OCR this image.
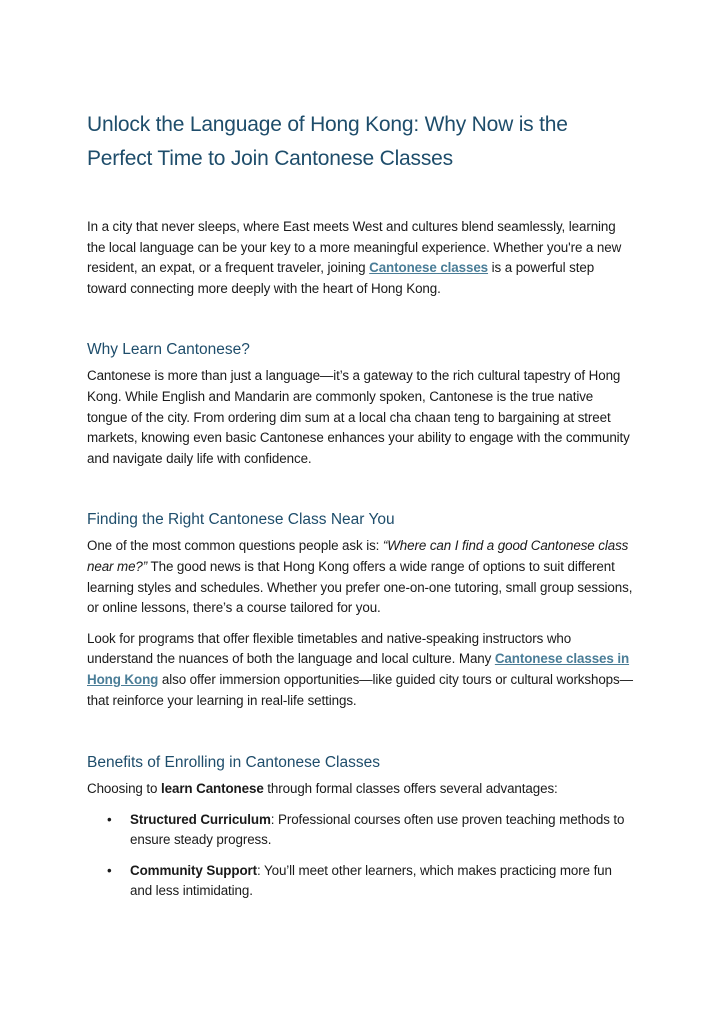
Unlock the Language of Hong Kong: Why Now is the Perfect Time to Join Cantonese Classes

In a city that never sleeps, where East meets West and cultures blend seamlessly, learning the local language can be your key to a more meaningful experience. Whether you're a new resident, an expat, or a frequent traveler, joining Cantonese classes is a powerful step toward connecting more deeply with the heart of Hong Kong.

Why Learn Cantonese?

Cantonese is more than just a language—it’s a gateway to the rich cultural tapestry of Hong Kong. While English and Mandarin are commonly spoken, Cantonese is the true native tongue of the city. From ordering dim sum at a local cha chaan teng to bargaining at street markets, knowing even basic Cantonese enhances your ability to engage with the community and navigate daily life with confidence.

Finding the Right Cantonese Class Near You

One of the most common questions people ask is: “Where can I find a good Cantonese class near me?” The good news is that Hong Kong offers a wide range of options to suit different learning styles and schedules. Whether you prefer one-on-one tutoring, small group sessions, or online lessons, there’s a course tailored for you.

Look for programs that offer flexible timetables and native-speaking instructors who understand the nuances of both the language and local culture. Many Cantonese classes in Hong Kong also offer immersion opportunities—like guided city tours or cultural workshops—that reinforce your learning in real-life settings.

Benefits of Enrolling in Cantonese Classes

Choosing to learn Cantonese through formal classes offers several advantages:

• Structured Curriculum: Professional courses often use proven teaching methods to ensure steady progress.
• Community Support: You’ll meet other learners, which makes practicing more fun and less intimidating.
